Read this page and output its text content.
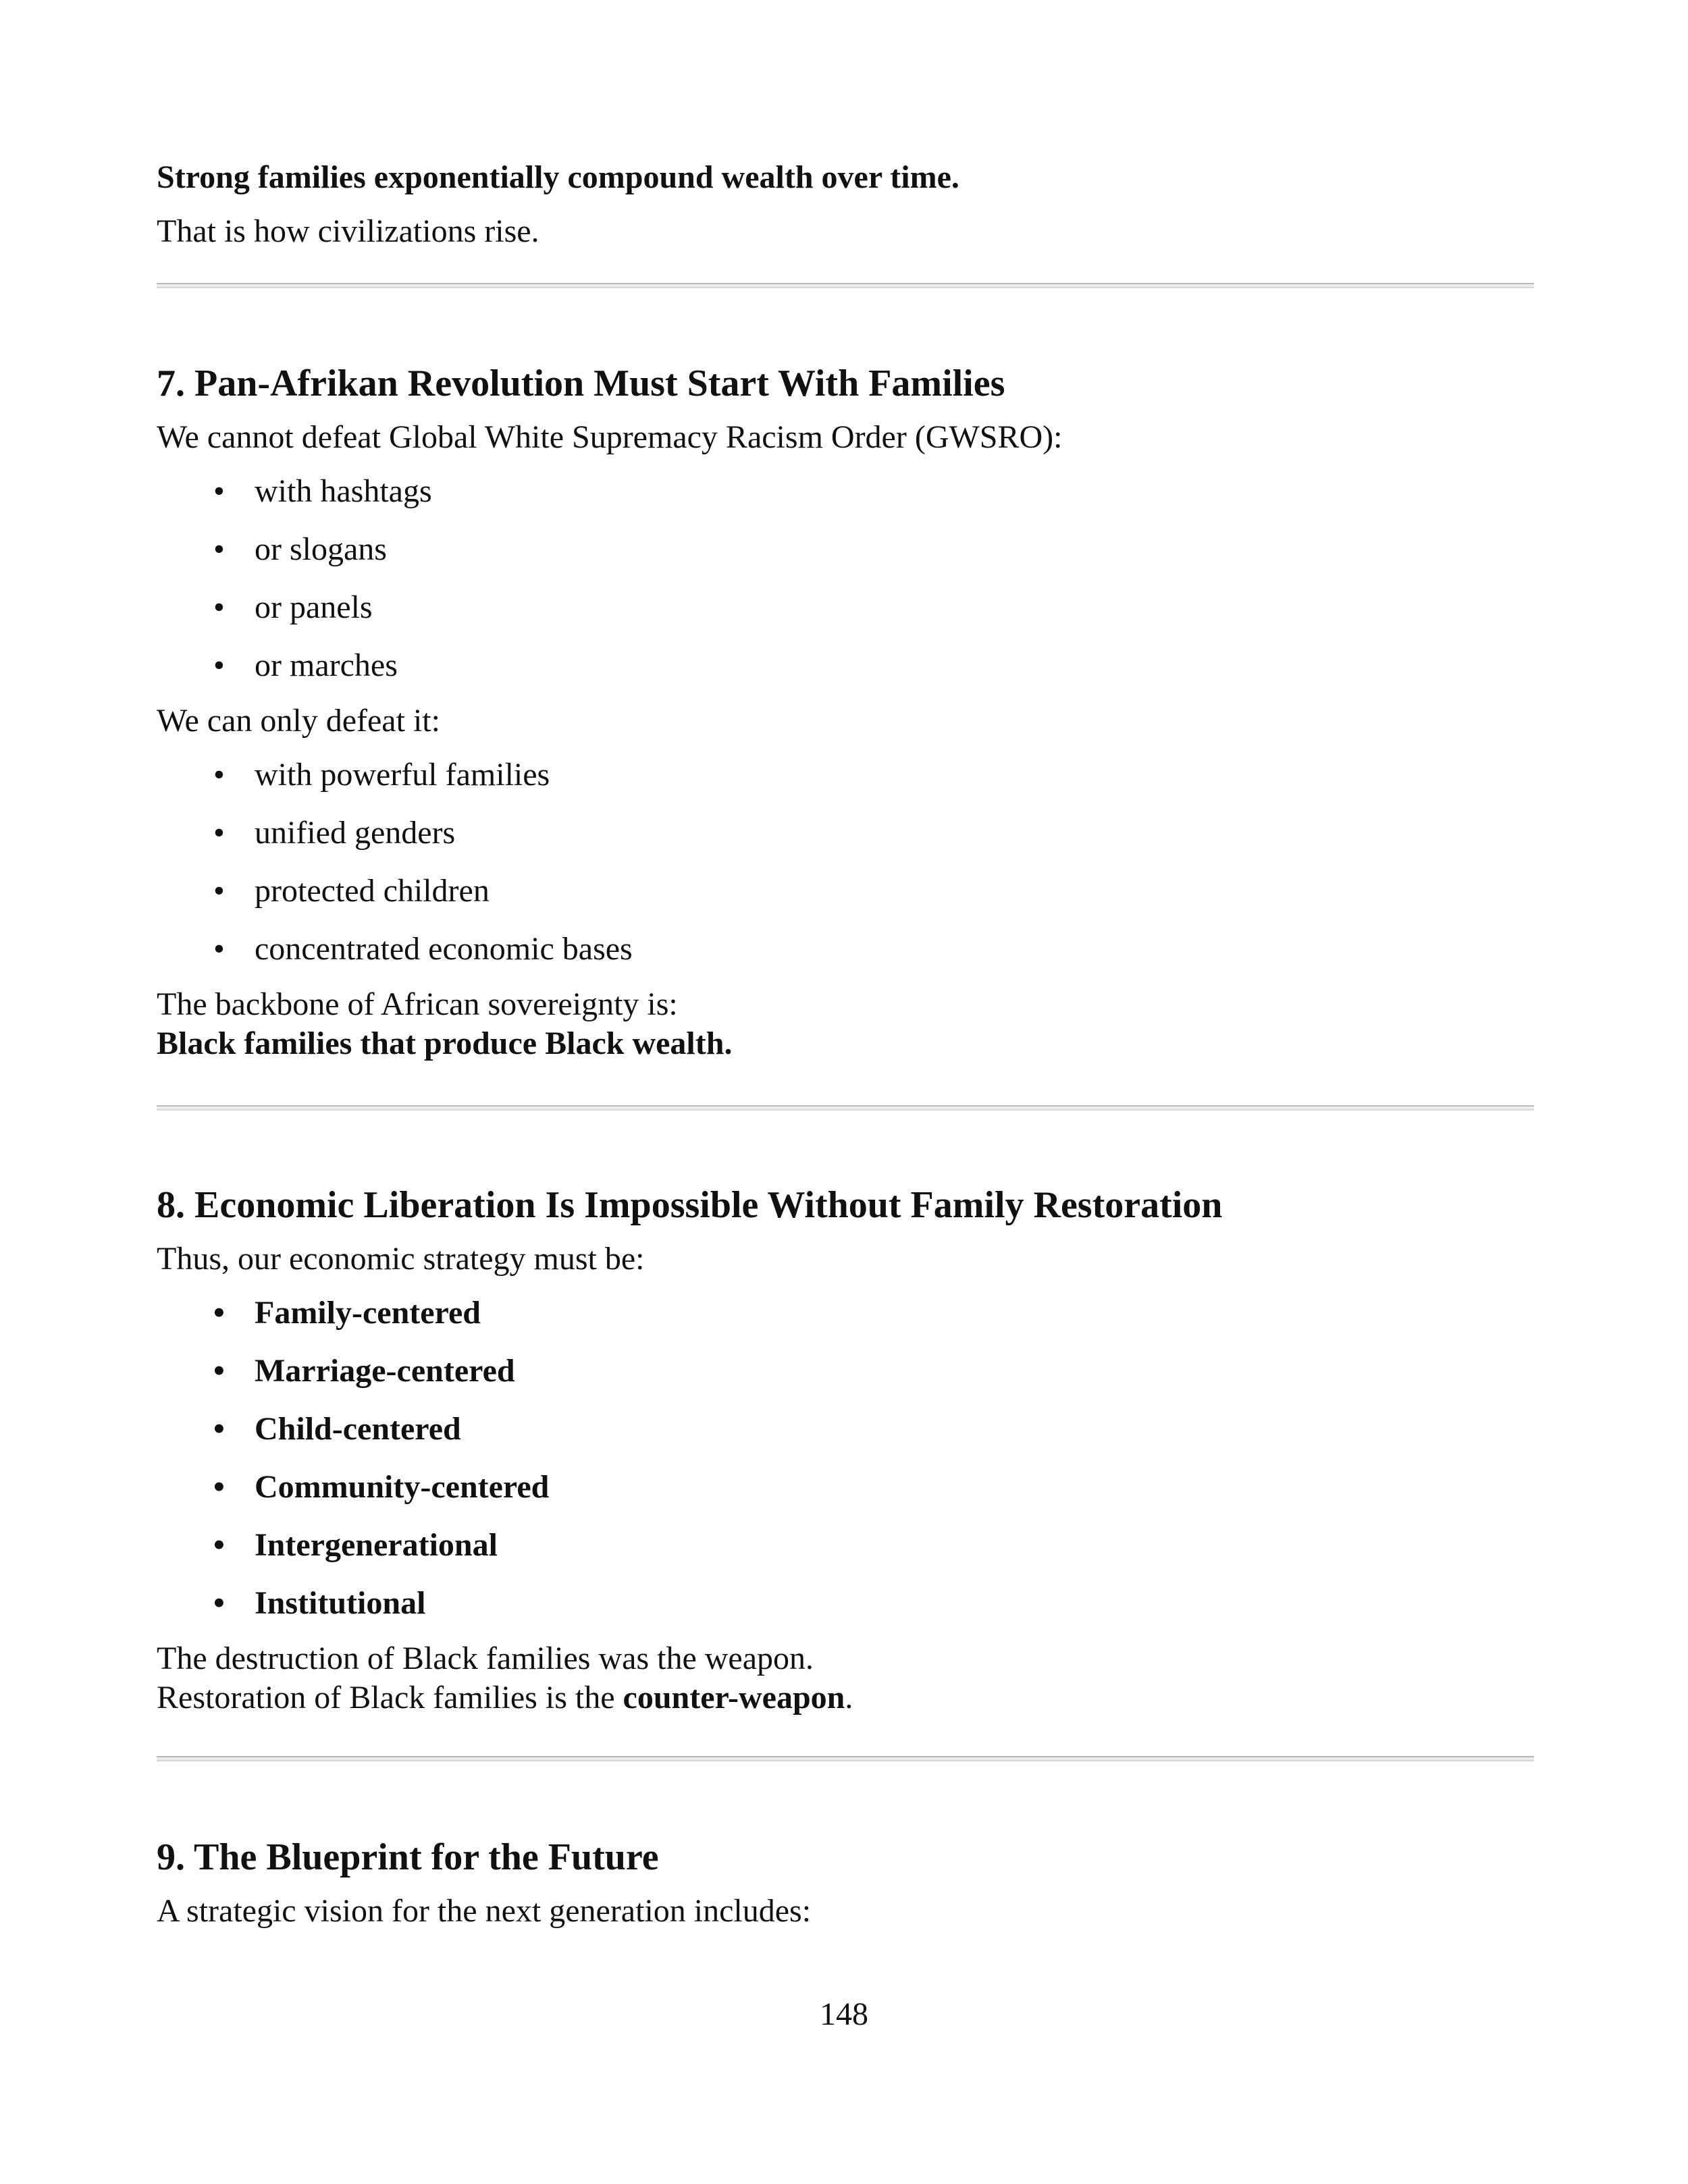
Strong families exponentially compound wealth over time.

That is how civilizations rise.

7. Pan-Afrikan Revolution Must Start With Families

We cannot defeat Global White Supremacy Racism Order (GWSRO):

• with hashtags
• or slogans
• or panels
• or marches

We can only defeat it:

• with powerful families
• unified genders
• protected children
• concentrated economic bases

The backbone of African sovereignty is:

Black families that produce Black wealth.

8. Economic Liberation Is Impossible Without Family Restoration

Thus, our economic strategy must be:

• Family-centered
• Marriage-centered
• Child-centered
• Community-centered
• Intergenerational
• Institutional

The destruction of Black families was the weapon.

Restoration of Black families is the counter-weapon.

9. The Blueprint for the Future

A strategic vision for the next generation includes:

148
